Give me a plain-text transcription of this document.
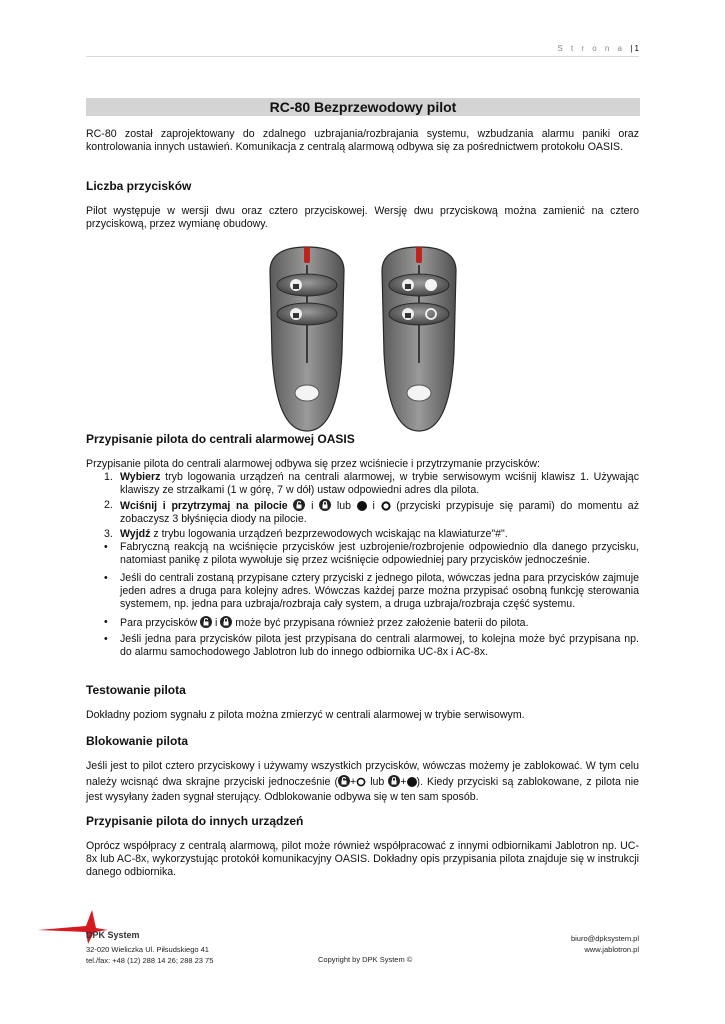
S t r o n a | 1
RC-80 Bezprzewodowy pilot

RC-80 został zaprojektowany do zdalnego uzbrajania/rozbrajania systemu, wzbudzania alarmu paniki oraz kontrolowania innych ustawień. Komunikacja z centralą alarmową odbywa się za pośrednictwem protokołu OASIS.

Liczba przycisków

Pilot występuje w wersji dwu oraz cztero przyciskowej. Wersję dwu przyciskową można zamienić na cztero przyciskową, przez wymianę obudowy.

Przypisanie pilota do centrali alarmowej OASIS

Przypisanie pilota do centrali alarmowej odbywa się przez wciśniecie i przytrzymanie przycisków:

1. Wybierz tryb logowania urządzeń na centrali alarmowej, w trybie serwisowym wciśnij klawisz 1. Używając klawiszy ze strzałkami (1 w górę, 7 w dół) ustaw odpowiedni adres dla pilota.
2. Wciśnij i przytrzymaj na pilocie  i  lub  i  (przyciski przypisuje się parami) do momentu aż zobaczysz 3 błyśnięcia diody na pilocie.
3. Wyjdź z trybu logowania urządzeń bezprzewodowych wciskając na klawiaturze"#".
• Fabryczną reakcją na wciśnięcie przycisków jest uzbrojenie/rozbrojenie odpowiednio dla danego przycisku, natomiast panikę z pilota wywołuje się przez wciśnięcie odpowiedniej pary przycisków jednocześnie.
• Jeśli do centrali zostaną przypisane cztery przyciski z jednego pilota, wówczas jedna para przycisków zajmuje jeden adres a druga para kolejny adres. Wówczas każdej parze można przypisać osobną funkcję sterowania systemem, np. jedna para uzbraja/rozbraja cały system, a druga uzbraja/rozbraja część systemu.
• Para przycisków  i  może być przypisana również przez założenie baterii do pilota.
• Jeśli jedna para przycisków pilota jest przypisana do centrali alarmowej, to kolejna może być przypisana np. do alarmu samochodowego Jablotron lub do innego odbiornika UC-8x i AC-8x.
Testowanie pilota

Dokładny poziom sygnału z pilota można zmierzyć w centrali alarmowej w trybie serwisowym.

Blokowanie pilota

Jeśli jest to pilot cztero przyciskowy i używamy wszystkich przycisków, wówczas możemy je zablokować. W tym celu należy wcisnąć dwa skrajne przyciski jednocześnie ( + lub + ). Kiedy przyciski są zablokowane, z pilota nie jest wysyłany żaden sygnał sterujący. Odblokowanie odbywa się w ten sam sposób.

Przypisanie pilota do innych urządzeń

Oprócz współpracy z centralą alarmową, pilot może również współpracować z innymi odbiornikami Jablotron np. UC-8x lub AC-8x, wykorzystując protokół komunikacyjny OASIS. Dokładny opis przypisania pilota znajduje się w instrukcji danego odbiornika.

DPK System
32-020 Wieliczka Ul. Piłsudskiego 41
tel./fax: +48 (12) 288 14 26; 288 23 75	Copyright by DPK System ©
biuro@dpksystem.pl
www.jablotron.pl
